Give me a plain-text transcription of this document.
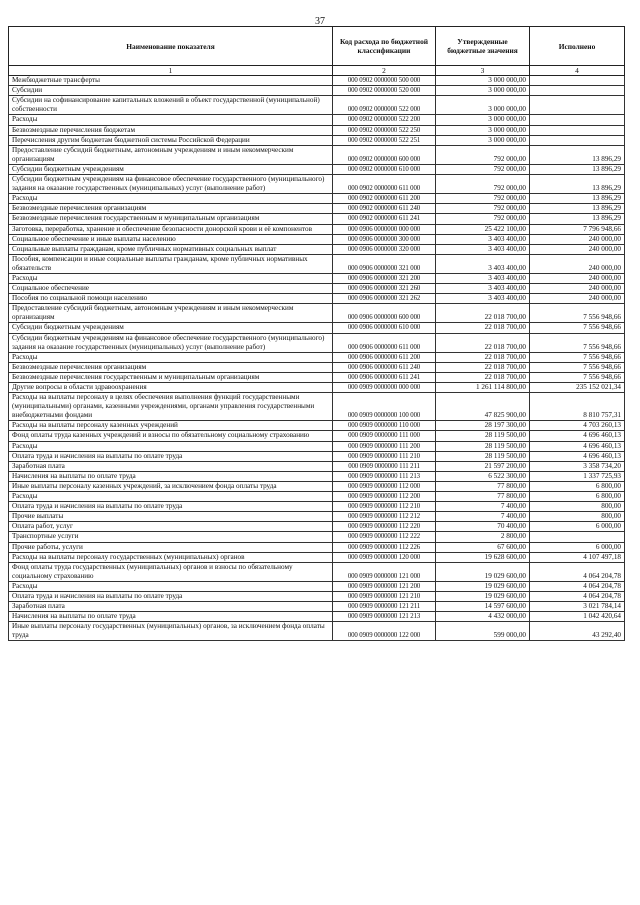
37
Наименование показателя	Код расхода по бюджетной классификации	Утвержденные бюджетные значения	Исполнено
1	2	3	4
Межбюджетные трансферты	000 0902 0000000 500 000	3 000 000,00	
Субсидии	000 0902 0000000 520 000	3 000 000,00	
Субсидии на софинансирование капитальных вложений в объект государственной (муниципальной) собственности	000 0902 0000000 522 000	3 000 000,00	
Расходы	000 0902 0000000 522 200	3 000 000,00	
Безвозмездные перечисления бюджетам	000 0902 0000000 522 250	3 000 000,00	
Перечисления другим бюджетам бюджетной системы Российской Федерации	000 0902 0000000 522 251	3 000 000,00	
Предоставление субсидий бюджетным, автономным учреждениям и иным некоммерческим организациям	000 0902 0000000 600 000	792 000,00	13 896,29
Субсидии бюджетным учреждениям	000 0902 0000000 610 000	792 000,00	13 896,29
Субсидии бюджетным учреждениям на финансовое обеспечение государственного (муниципального) задания на оказание государственных (муниципальных) услуг (выполнение работ)	000 0902 0000000 611 000	792 000,00	13 896,29
Расходы	000 0902 0000000 611 200	792 000,00	13 896,29
Безвозмездные перечисления организациям	000 0902 0000000 611 240	792 000,00	13 896,29
Безвозмездные перечисления государственным и муниципальным организациям	000 0902 0000000 611 241	792 000,00	13 896,29
Заготовка, переработка, хранение и обеспечение безопасности донорской крови и её компонентов	000 0906 0000000 000 000	25 422 100,00	7 796 948,66
Социальное обеспечение и иные выплаты населению	000 0906 0000000 300 000	3 403 400,00	240 000,00
Социальные выплаты гражданам, кроме публичных нормативных социальных выплат	000 0906 0000000 320 000	3 403 400,00	240 000,00
Пособия, компенсации и иные социальные выплаты гражданам, кроме публичных нормативных обязательств	000 0906 0000000 321 000	3 403 400,00	240 000,00
Расходы	000 0906 0000000 321 200	3 403 400,00	240 000,00
Социальное обеспечение	000 0906 0000000 321 260	3 403 400,00	240 000,00
Пособия по социальной помощи населению	000 0906 0000000 321 262	3 403 400,00	240 000,00
Предоставление субсидий бюджетным, автономным учреждениям и иным некоммерческим организациям	000 0906 0000000 600 000	22 018 700,00	7 556 948,66
Субсидии бюджетным учреждениям	000 0906 0000000 610 000	22 018 700,00	7 556 948,66
Субсидии бюджетным учреждениям на финансовое обеспечение государственного (муниципального) задания на оказание государственных (муниципальных) услуг (выполнение работ)	000 0906 0000000 611 000	22 018 700,00	7 556 948,66
Расходы	000 0906 0000000 611 200	22 018 700,00	7 556 948,66
Безвозмездные перечисления организациям	000 0906 0000000 611 240	22 018 700,00	7 556 948,66
Безвозмездные перечисления государственным и муниципальным организациям	000 0906 0000000 611 241	22 018 700,00	7 556 948,66
Другие вопросы в области здравоохранения	000 0909 0000000 000 000	1 261 114 800,00	235 152 021,34
Расходы на выплаты персоналу в целях обеспечения выполнения функций государственными (муниципальными) органами, казенными учреждениями, органами управления государственными внебюджетными фондами	000 0909 0000000 100 000	47 825 900,00	8 810 757,31
Расходы на выплаты персоналу казенных учреждений	000 0909 0000000 110 000	28 197 300,00	4 703 260,13
Фонд оплаты труда казенных учреждений и взносы по обязательному социальному страхованию	000 0909 0000000 111 000	28 119 500,00	4 696 460,13
Расходы	000 0909 0000000 111 200	28 119 500,00	4 696 460,13
Оплата труда и начисления на выплаты по оплате труда	000 0909 0000000 111 210	28 119 500,00	4 696 460,13
Заработная плата	000 0909 0000000 111 211	21 597 200,00	3 358 734,20
Начисления на выплаты по оплате труда	000 0909 0000000 111 213	6 522 300,00	1 337 725,93
Иные выплаты персоналу казенных учреждений, за исключением фонда оплаты труда	000 0909 0000000 112 000	77 800,00	6 800,00
Расходы	000 0909 0000000 112 200	77 800,00	6 800,00
Оплата труда и начисления на выплаты по оплате труда	000 0909 0000000 112 210	7 400,00	800,00
Прочие выплаты	000 0909 0000000 112 212	7 400,00	800,00
Оплата работ, услуг	000 0909 0000000 112 220	70 400,00	6 000,00
Транспортные услуги	000 0909 0000000 112 222	2 800,00	
Прочие работы, услуги	000 0909 0000000 112 226	67 600,00	6 000,00
Расходы на выплаты персоналу государственных (муниципальных) органов	000 0909 0000000 120 000	19 628 600,00	4 107 497,18
Фонд оплаты труда государственных (муниципальных) органов и взносы по обязательному социальному страхованию	000 0909 0000000 121 000	19 029 600,00	4 064 204,78
Расходы	000 0909 0000000 121 200	19 029 600,00	4 064 204,78
Оплата труда и начисления на выплаты по оплате труда	000 0909 0000000 121 210	19 029 600,00	4 064 204,78
Заработная плата	000 0909 0000000 121 211	14 597 600,00	3 021 784,14
Начисления на выплаты по оплате труда	000 0909 0000000 121 213	4 432 000,00	1 042 420,64
Иные выплаты персоналу государственных (муниципальных) органов, за исключением фонда оплаты труда	000 0909 0000000 122 000	599 000,00	43 292,40
